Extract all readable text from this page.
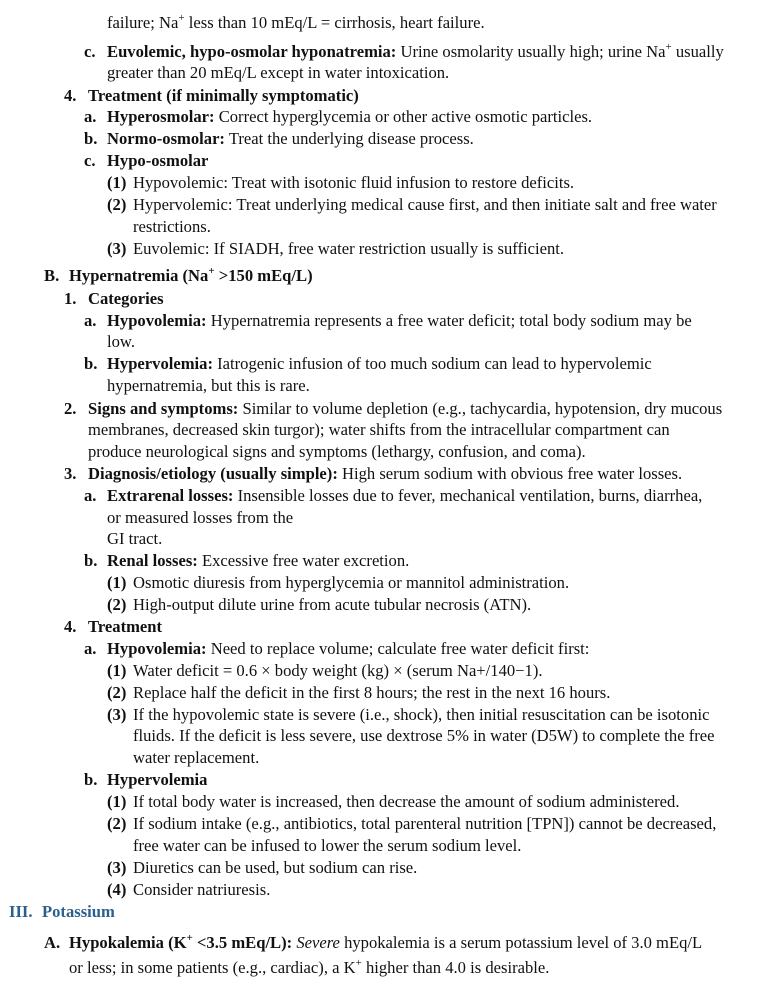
failure; Na+ less than 10 mEq/L = cirrhosis, heart failure.
c. Euvolemic, hypo-osmolar hyponatremia: Urine osmolarity usually high; urine Na+ usually
greater than 20 mEq/L except in water intoxication.
4. Treatment (if minimally symptomatic)
a. Hyperosmolar: Correct hyperglycemia or other active osmotic particles.
b. Normo-osmolar: Treat the underlying disease process.
c. Hypo-osmolar
(1) Hypovolemic: Treat with isotonic fluid infusion to restore deficits.
(2) Hypervolemic: Treat underlying medical cause first, and then initiate salt and free water
restrictions.
(3) Euvolemic: If SIADH, free water restriction usually is sufficient.
B. Hypernatremia (Na+ >150 mEq/L)
1. Categories
a. Hypovolemia: Hypernatremia represents a free water deficit; total body sodium may be
low.
b. Hypervolemia: Iatrogenic infusion of too much sodium can lead to hypervolemic
hypernatremia, but this is rare.
2. Signs and symptoms: Similar to volume depletion (e.g., tachycardia, hypotension, dry mucous
membranes, decreased skin turgor); water shifts from the intracellular compartment can
produce neurological signs and symptoms (lethargy, confusion, and coma).
3. Diagnosis/etiology (usually simple): High serum sodium with obvious free water losses.
a. Extrarenal losses: Insensible losses due to fever, mechanical ventilation, burns, diarrhea,
or measured losses from the
GI tract.
b. Renal losses: Excessive free water excretion.
(1) Osmotic diuresis from hyperglycemia or mannitol administration.
(2) High-output dilute urine from acute tubular necrosis (ATN).
4. Treatment
a. Hypovolemia: Need to replace volume; calculate free water deficit first:
(1) Water deficit = 0.6 × body weight (kg) × (serum Na+/140−1).
(2) Replace half the deficit in the first 8 hours; the rest in the next 16 hours.
(3) If the hypovolemic state is severe (i.e., shock), then initial resuscitation can be isotonic
fluids. If the deficit is less severe, use dextrose 5% in water (D5W) to complete the free
water replacement.
b. Hypervolemia
(1) If total body water is increased, then decrease the amount of sodium administered.
(2) If sodium intake (e.g., antibiotics, total parenteral nutrition [TPN]) cannot be decreased,
free water can be infused to lower the serum sodium level.
(3) Diuretics can be used, but sodium can rise.
(4) Consider natriuresis.
III. Potassium
A. Hypokalemia (K+ <3.5 mEq/L): Severe hypokalemia is a serum potassium level of 3.0 mEq/L
or less; in some patients (e.g., cardiac), a K+ higher than 4.0 is desirable.
